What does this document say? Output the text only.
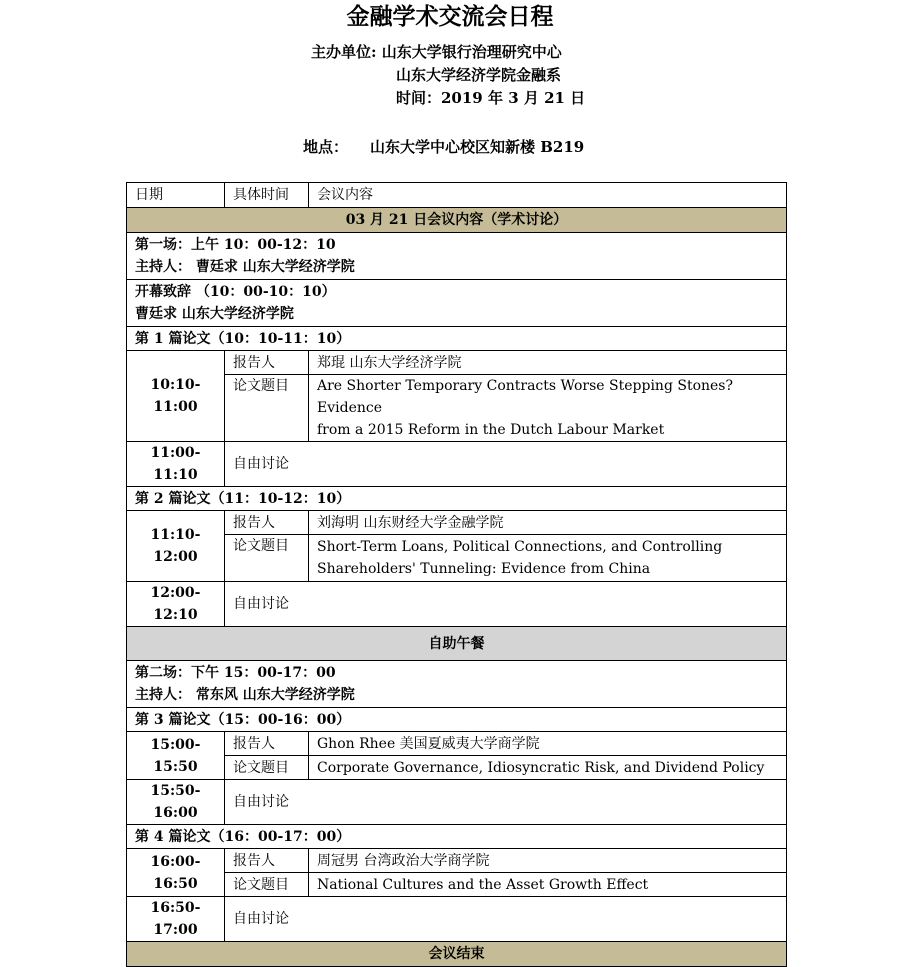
金融学术交流会日程
主办单位: 山东大学银行治理研究中心
山东大学经济学院金融系
时间：2019 年 3 月 21 日
地点： 山东大学中心校区知新楼 B219
日期	具体时间	会议内容
03 月 21 日会议内容（学术讨论）		

第一场：上午 10：00-12：10
主持人： 曹廷求 山东大学经济学院		

开幕致辞 （10：00-10：10）
曹廷求 山东大学经济学院		

第 1 篇论文（10：10-11：10）		
10:10-11:00	报告人	郑琨 山东大学经济学院
	论文题目	Are Shorter Temporary Contracts Worse Stepping Stones? Evidence
from a 2015 Reform in the Dutch Labour Market

11:00-11:10	自由讨论	
第 2 篇论文（11：10-12：10）		
11:10-12:00	报告人	刘海明 山东财经大学金融学院
	论文题目	Short-Term Loans, Political Connections, and Controlling
Shareholders' Tunneling: Evidence from China

12:00-12:10	自由讨论	
自助午餐		

第二场：下午 15：00-17：00
主持人： 常东风 山东大学经济学院		

第 3 篇论文（15：00-16：00）		
15:00-15:50	报告人	Ghon Rhee 美国夏威夷大学商学院
	论文题目	Corporate Governance, Idiosyncratic Risk, and Dividend Policy
15:50-16:00	自由讨论	
第 4 篇论文（16：00-17：00）		
16:00-16:50	报告人	周冠男 台湾政治大学商学院
	论文题目	National Cultures and the Asset Growth Effect
16:50-17:00	自由讨论	
会议结束		
